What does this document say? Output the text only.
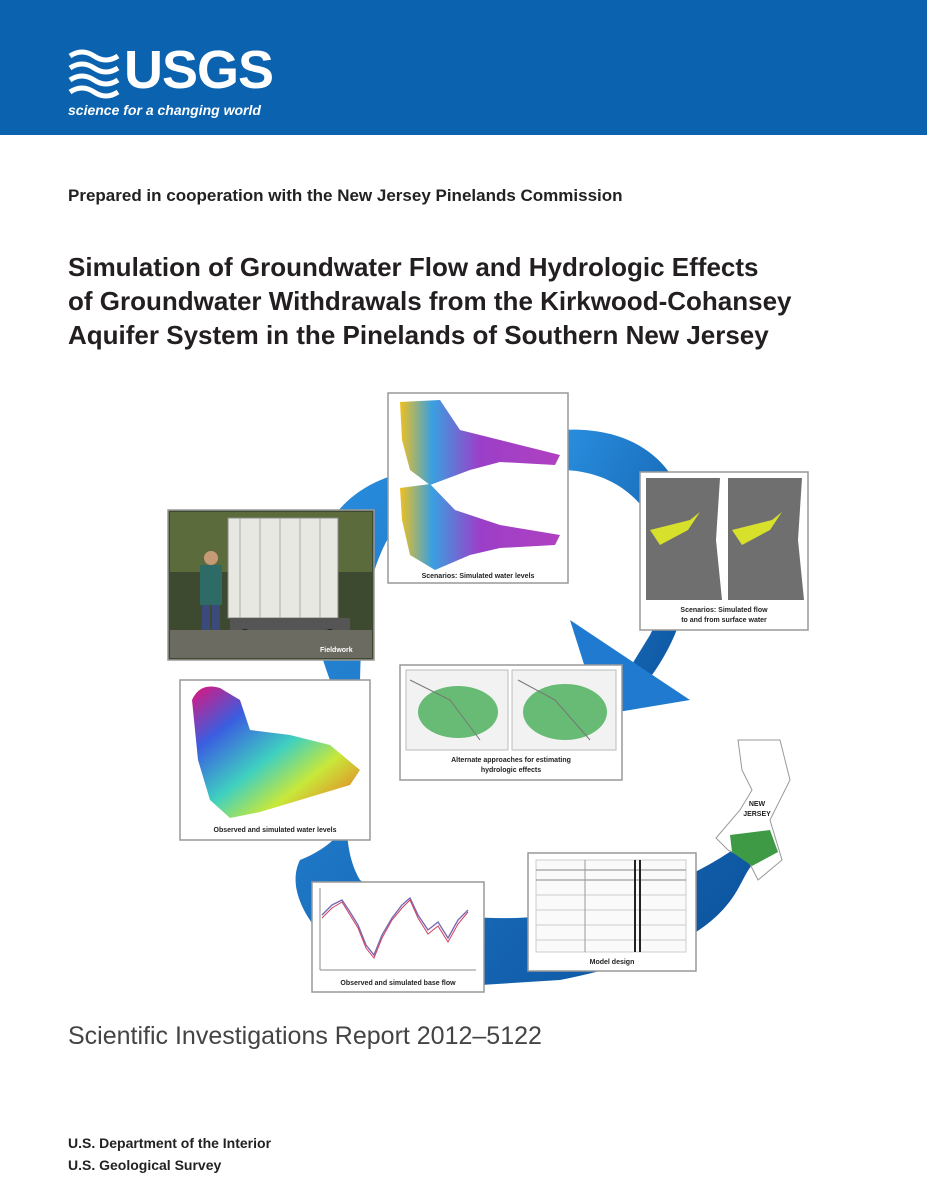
USGS
science for a changing world
Prepared in cooperation with the New Jersey Pinelands Commission
Simulation of Groundwater Flow and Hydrologic Effects
of Groundwater Withdrawals from the Kirkwood-Cohansey
Aquifer System in the Pinelands of Southern New Jersey
Scenarios: Simulated water levels
Scenarios: Simulated flow
to and from surface water
Fieldwork
Alternate approaches for estimating
hydrologic effects
Observed and simulated water levels
NEW
JERSEY
Model design
Observed and simulated base flow
Scientific Investigations Report 2012–5122
U.S. Department of the Interior
U.S. Geological Survey
